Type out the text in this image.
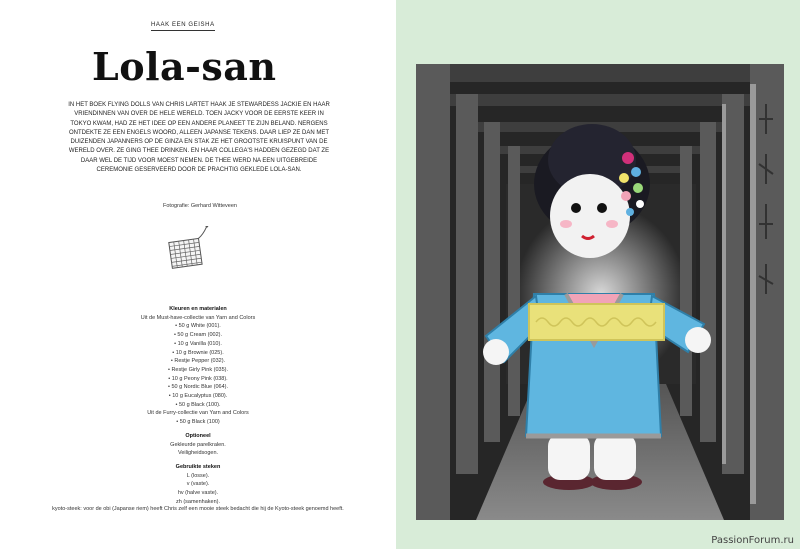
HAAK EEN GEISHA
Lola-san
IN HET BOEK FLYING DOLLS VAN CHRIS LARTET HAAK JE STEWARDESS JACKIE EN HAAR VRIENDINNEN VAN OVER DE HELE WERELD. TOEN JACKY VOOR DE EERSTE KEER IN TOKYO KWAM, HAD ZE HET IDEE OP EEN ANDERE PLANEET TE ZIJN BELAND. NERGENS ONTDEKTE ZE EEN ENGELS WOORD, ALLEEN JAPANSE TEKENS. DAAR LIEP ZE DAN MET DUIZENDEN JAPANNERS OP DE GINZA EN STAK ZE HET GROOTSTE KRUISPUNT VAN DE WERELD OVER. ZE GING THEE DRINKEN. EN HAAR COLLEGA'S HADDEN GEZEGD DAT ZE DAAR WEL DE TIJD VOOR MOEST NEMEN. DE THEE WERD NA EEN UITGEBREIDE CEREMONIE GESERVEERD DOOR DE PRACHTIG GEKLEDE LOLA-SAN.
Fotografie: Gerhard Witteveen
Kleuren en materialen
Uit de Must-have-collectie van Yarn and Colors
• 50 g White (001).
• 50 g Cream (002).
• 10 g Vanilla (010).
• 10 g Brownie (025).
• Restje Pepper (032).
• Restje Girly Pink (035).
• 10 g Peony Pink (038).
• 50 g Nordic Blue (064).
• 10 g Eucalyptus (080).
• 50 g Black (100).
Uit de Furry-collectie van Yarn and Colors
• 50 g Black (100)
Optioneel
Gekleurde parelkralen.
Veiligheidsogen.
Gebruikte steken
L (losse).
v (vaste).
hv (halve vaste).
zh (samenhaken).
kyoto-steek: voor de obi (Japanse riem) heeft Chris zelf een mooie steek bedacht die hij de Kyoto-steek genoemd heeft.
PassionForum.ru
